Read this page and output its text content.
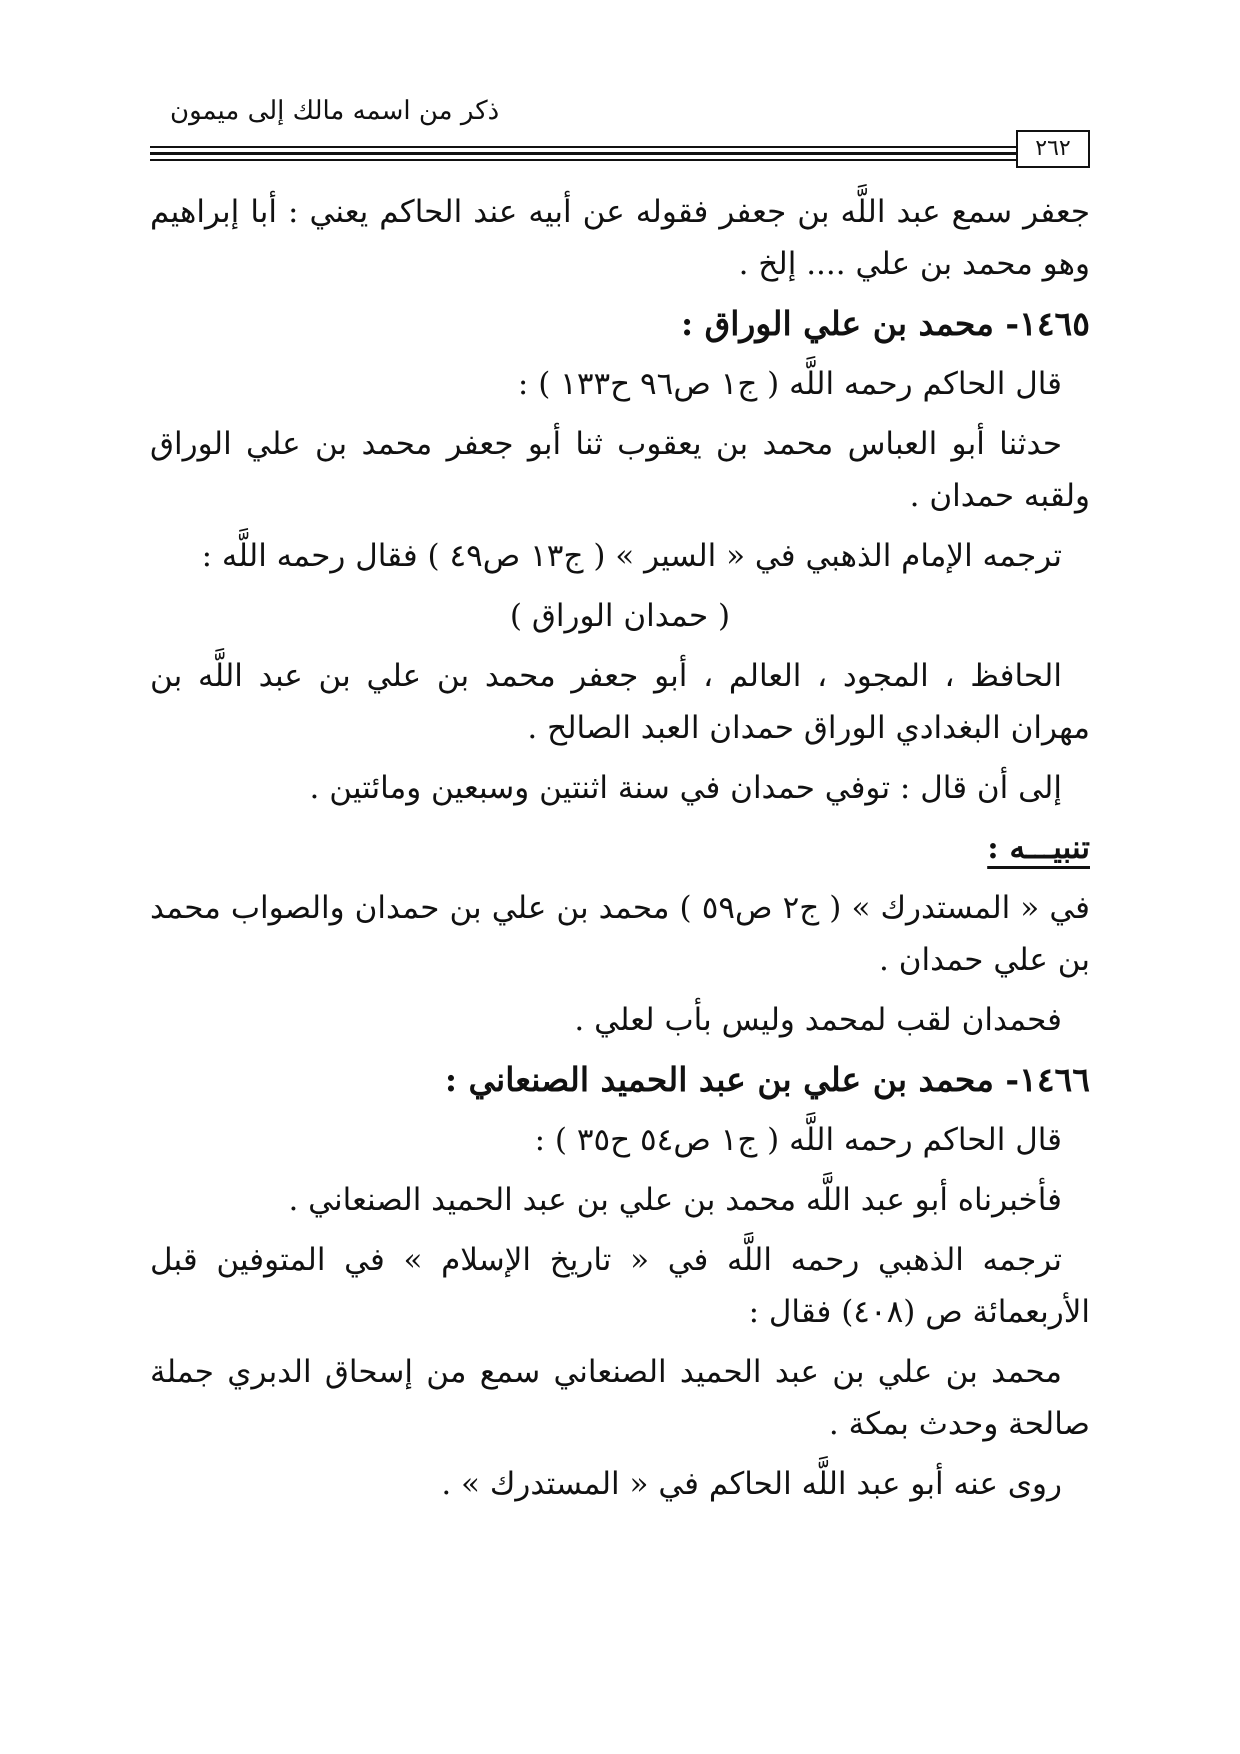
ذكر من اسمه مالك إلى ميمون
٢٦٢

جعفر سمع عبد اللَّه بن جعفر فقوله عن أبيه عند الحاكم يعني : أبا إبراهيم وهو محمد بن علي .... إلخ .

١٤٦٥- محمد بن علي الوراق :

قال الحاكم رحمه اللَّه ( ج١ ص٩٦ ح١٣٣ ) :

حدثنا أبو العباس محمد بن يعقوب ثنا أبو جعفر محمد بن علي الوراق ولقبه حمدان .

ترجمه الإمام الذهبي في « السير » ( ج١٣ ص٤٩ ) فقال رحمه اللَّه :

( حمدان الوراق )

الحافظ ، المجود ، العالم ، أبو جعفر محمد بن علي بن عبد اللَّه بن مهران البغدادي الوراق حمدان العبد الصالح .

إلى أن قال : توفي حمدان في سنة اثنتين وسبعين ومائتين .

تنبيـــه :

في « المستدرك » ( ج٢ ص٥٩ ) محمد بن علي بن حمدان والصواب محمد بن علي حمدان .

فحمدان لقب لمحمد وليس بأب لعلي .

١٤٦٦- محمد بن علي بن عبد الحميد الصنعاني :

قال الحاكم رحمه اللَّه ( ج١ ص٥٤ ح٣٥ ) :

فأخبرناه أبو عبد اللَّه محمد بن علي بن عبد الحميد الصنعاني .

ترجمه الذهبي رحمه اللَّه في « تاريخ الإسلام » في المتوفين قبل الأربعمائة ص (٤٠٨) فقال :

محمد بن علي بن عبد الحميد الصنعاني سمع من إسحاق الدبري جملة صالحة وحدث بمكة .

روى عنه أبو عبد اللَّه الحاكم في « المستدرك » .
